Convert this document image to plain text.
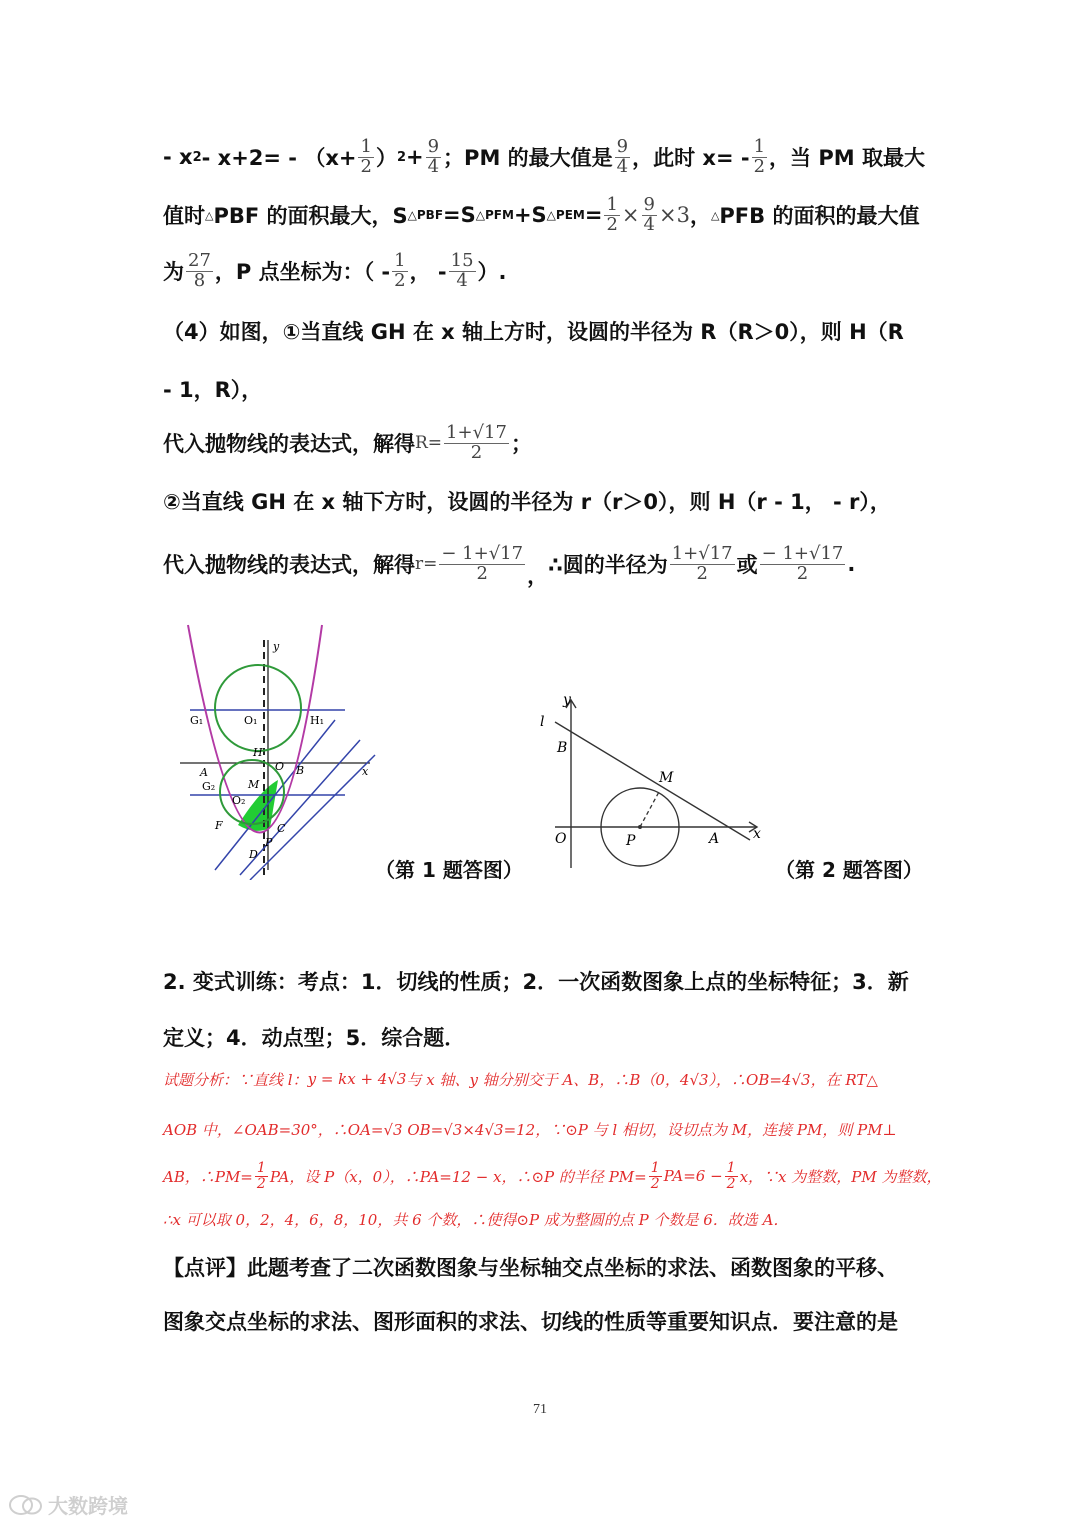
- x $2 - x+2= - (x+ \frac{1}{2}$ ） $2 + \frac{9}{4}$ ；PM 的最大值是 $\frac{9}{4}$ ，此时 $x= - \frac{1}{2}$ ，当 PM 取最大
值时 △ PBF 的面积最大，S △PBF =S △PFM +S △PEM = $\frac{1}{2} \times \frac{9}{4} \times 3$ ， △ PFB 的面积的最大值
为 $\frac{27}{8}$ ，P 点坐标为：（ - $\frac{1}{2}$ ， - $\frac{15}{4}$ ）.
（4）如图，①当直线 GH 在 x 轴上方时，设圆的半径为 R（R＞0），则 H（R
- 1，R），
代入抛物线的表达式，解得 $R= \frac{1+√17}{2}$ ；
②当直线 GH 在 x 轴下方时，设圆的半径为 r（r＞0），则 H（r - 1， - r），
代入抛物线的表达式，解得 $r= \frac{- 1+√17}{2}$ ， ∴圆的半径为 $\frac{1+√17}{2}$ 或 $\frac{- 1+√17}{2}$ .
y
x
G₁	O₁	H₁
H
A	O B
G₂	M
O₂
F	C
P
D
（第 1 题答图）
y
l
B
M
O	P	A x
（第 2 题答图）
2. 变式训练：考点：1．切线的性质；2．一次函数图象上点的坐标特征；3．新
定义；4．动点型；5．综合题．
试题分析：∵直线 l： y = kx + 4√3 与 x 轴、y 轴分别交于 A、B，∴B（0，4√3），∴OB=4√3，在 RT△
AOB 中，∠OAB=30°，∴OA=√3 OB=√3×4√3=12，∵⊙P 与 l 相切，设切点为 M，连接 PM，则 PM⊥
AB，∴PM= $\frac{1}{2}$ PA，设 P（x，0），∴PA=12 − x，∴⊙P 的半径 $PM= \frac{1}{2} PA=6 - \frac{1}{2}$ x，∵x 为整数，PM 为整数，
∴x 可以取 0，2，4，6，8，10，共 6 个数，∴使得⊙P 成为整圆的点 P 个数是 6．故选 A．
【点评】此题考查了二次函数图象与坐标轴交点坐标的求法、函数图象的平移、
图象交点坐标的求法、图形面积的求法、切线的性质等重要知识点．要注意的是
71
大数跨境
